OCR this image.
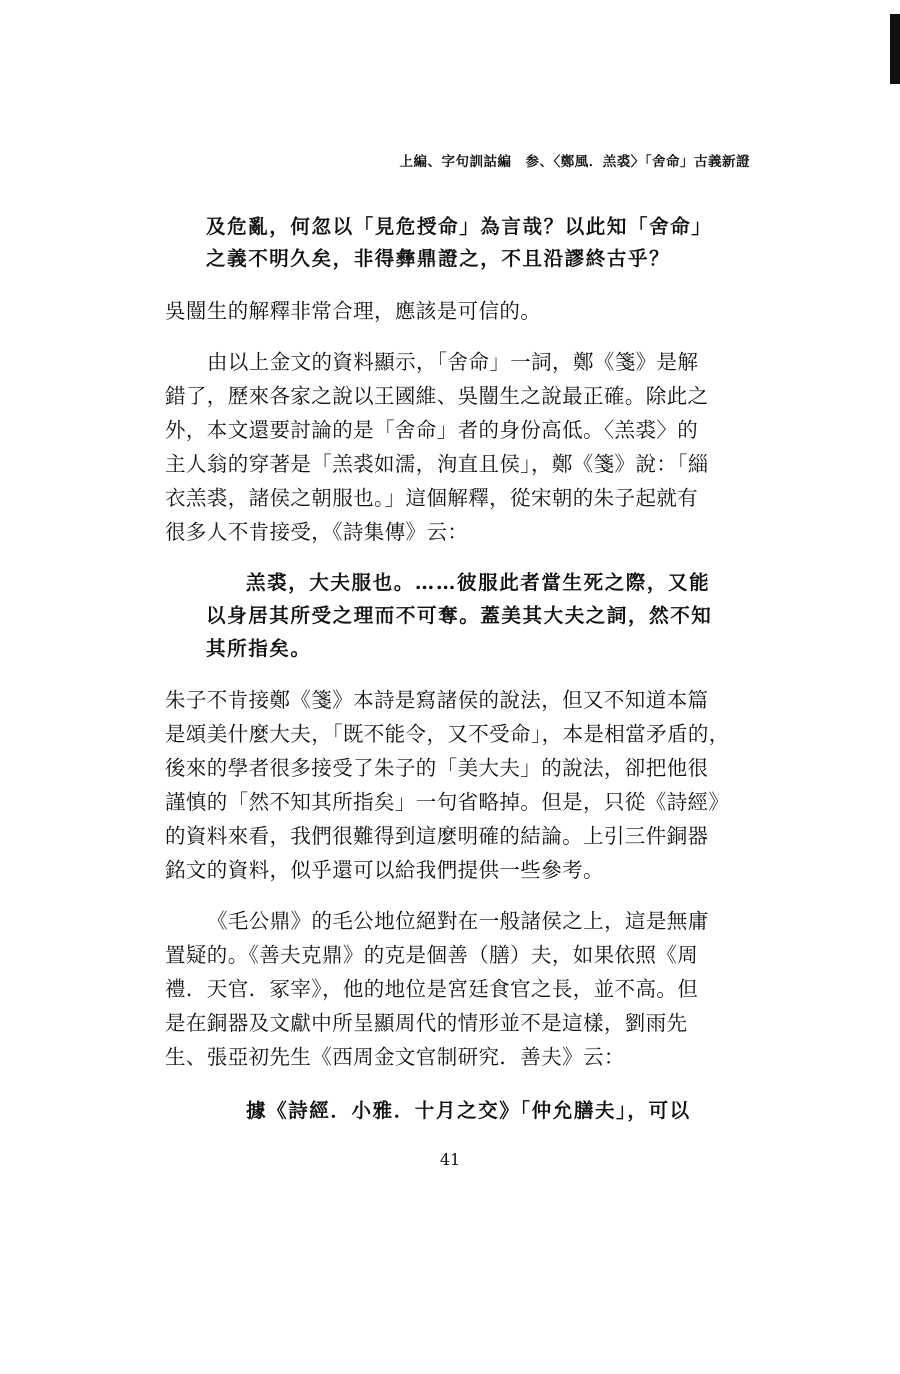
上編、字句訓詁編　参、〈鄭風．羔裘〉「舍命」古義新證
及危亂，何忽以「見危授命」為言哉？以此知「舍命」
之義不明久矣，非得彝鼎證之，不且沿謬終古乎？
吳闓生的解釋非常合理，應該是可信的。
由以上金文的資料顯示，「舍命」一詞，鄭《箋》是解
錯了，歷來各家之說以王國維、吳闓生之說最正確。除此之
外，本文還要討論的是「舍命」者的身份高低。〈羔裘〉的
主人翁的穿著是「羔裘如濡，洵直且侯」，鄭《箋》說：「緇
衣羔裘，諸侯之朝服也。」這個解釋，從宋朝的朱子起就有
很多人不肯接受，《詩集傳》云：
羔裘，大夫服也。……彼服此者當生死之際，又能
以身居其所受之理而不可奪。蓋美其大夫之詞，然不知
其所指矣。
朱子不肯接鄭《箋》本詩是寫諸侯的說法，但又不知道本篇
是頌美什麼大夫，「既不能令，又不受命」，本是相當矛盾的，
後來的學者很多接受了朱子的「美大夫」的說法，卻把他很
謹慎的「然不知其所指矣」一句省略掉。但是，只從《詩經》
的資料來看，我們很難得到這麼明確的結論。上引三件銅器
銘文的資料，似乎還可以給我們提供一些參考。
《毛公鼎》的毛公地位絕對在一般諸侯之上，這是無庸
置疑的。《善夫克鼎》的克是個善（膳）夫，如果依照《周
禮．天官．冢宰》，他的地位是宮廷食官之長，並不高。但
是在銅器及文獻中所呈顯周代的情形並不是這樣，劉雨先
生、張亞初先生《西周金文官制研究．善夫》云：
據《詩經．小雅．十月之交》「仲允膳夫」，可以
41
